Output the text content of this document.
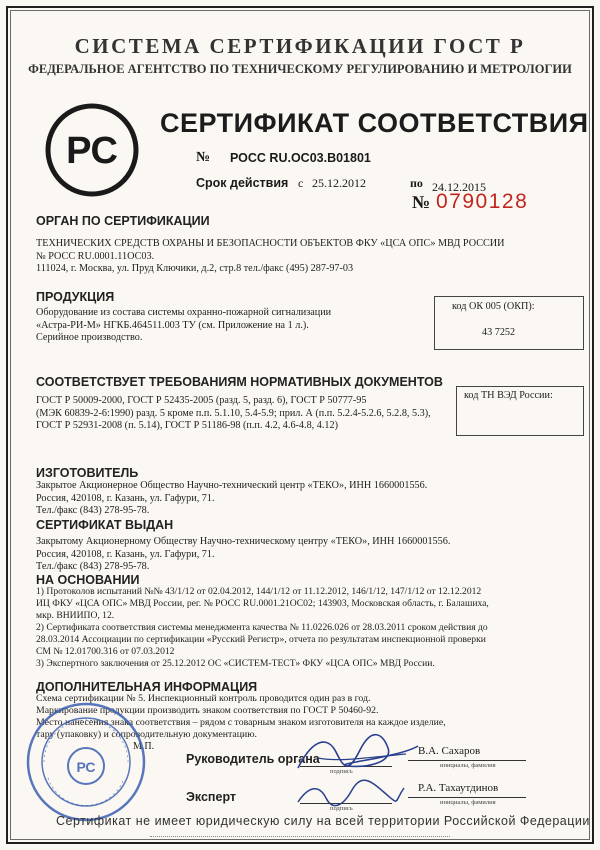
СИСТЕМА СЕРТИФИКАЦИИ ГОСТ Р
ФЕДЕРАЛЬНОЕ АГЕНТСТВО ПО ТЕХНИЧЕСКОМУ РЕГУЛИРОВАНИЮ И МЕТРОЛОГИИ
РС
СЕРТИФИКАТ СООТВЕТСТВИЯ
№ РОСС RU.ОС03.В01801
Срок действия с 25.12.2012	по 24.12.2015
№ 0790128
ОРГАН ПО СЕРТИФИКАЦИИ
ТЕХНИЧЕСКИХ СРЕДСТВ ОХРАНЫ И БЕЗОПАСНОСТИ ОБЪЕКТОВ ФКУ «ЦСА ОПС» МВД РОССИИ
№ РОСС RU.0001.11ОС03.
111024, г. Москва, ул. Пруд Ключики, д.2, стр.8 тел./факс (495) 287-97-03
ПРОДУКЦИЯ
Оборудование из состава системы охранно-пожарной сигнализации
«Астра-РИ-М» НГКБ.464511.003 ТУ (см. Приложение на 1 л.).
Серийное производство.
код ОК 005 (ОКП):
43 7252
СООТВЕТСТВУЕТ ТРЕБОВАНИЯМ НОРМАТИВНЫХ ДОКУМЕНТОВ
ГОСТ Р 50009-2000, ГОСТ Р 52435-2005 (разд. 5, разд. 6), ГОСТ Р 50777-95
(МЭК 60839-2-6:1990) разд. 5 кроме п.п. 5.1.10, 5.4-5.9; прил. А (п.п. 5.2.4-5.2.6, 5.2.8, 5.3),
ГОСТ Р 52931-2008 (п. 5.14), ГОСТ Р 51186-98 (п.п. 4.2, 4.6-4.8, 4.12)
код ТН ВЭД России:
ИЗГОТОВИТЕЛЬ
Закрытое Акционерное Общество Научно-технический центр «ТЕКО», ИНН 1660001556.
Россия, 420108, г. Казань, ул. Гафури, 71.
Тел./факс (843) 278-95-78.
СЕРТИФИКАТ ВЫДАН
Закрытому Акционерному Обществу Научно-техническому центру «ТЕКО», ИНН 1660001556.
Россия, 420108, г. Казань, ул. Гафури, 71.
Тел./факс (843) 278-95-78.
НА ОСНОВАНИИ
1) Протоколов испытаний №№ 43/1/12 от 02.04.2012, 144/1/12 от 11.12.2012, 146/1/12, 147/1/12 от 12.12.2012
ИЦ ФКУ «ЦСА ОПС» МВД России, рег. № РОСС RU.0001.21ОС02; 143903, Московская область, г. Балашиха,
мкр. ВНИИПО, 12.
2) Сертификата соответствия системы менеджмента качества № 11.0226.026 от 28.03.2011 сроком действия до
28.03.2014 Ассоциации по сертификации «Русский Регистр», отчета по результатам инспекционной проверки
СМ № 12.01700.316 от 07.03.2012
3) Экспертного заключения от 25.12.2012 ОС «СИСТЕМ-ТЕСТ» ФКУ «ЦСА ОПС» МВД России.
ДОПОЛНИТЕЛЬНАЯ ИНФОРМАЦИЯ
Схема сертификации № 5. Инспекционный контроль проводится один раз в год.
Маркирование продукции производить знаком соответствия по ГОСТ Р 50460-92.
Место нанесения знака соответствия – рядом с товарным знаком изготовителя на каждое изделие,
тару (упаковку) и сопроводительную документацию.
Руководитель органа
Эксперт
М.П.
подпись
В.А. Сахаров
инициалы, фамилия
подпись
Р.А. Тахаутдинов
инициалы, фамилия
РС
Сертификат не имеет юридическую силу на всей территории Российской Федерации
